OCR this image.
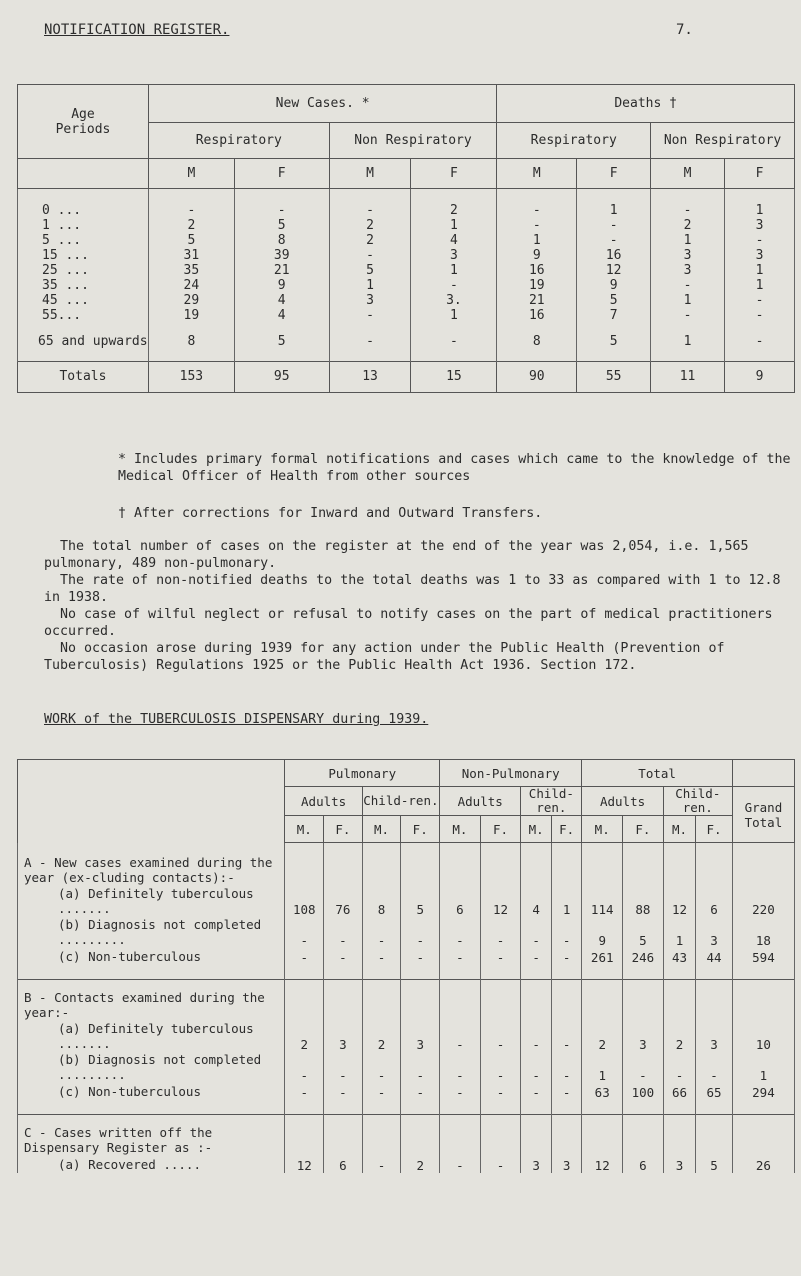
NOTIFICATION REGISTER.	7.
Age Periods	New Cases. *				Deaths †			
	Respiratory		Non Respiratory		Respiratory		Non Respiratory	
	M	F	M	F	M	F	M	F

0 ...	-	-	-	2	-	1	-	1
1 ...	2	5	2	1	-	-	2	3
5 ...	5	8	2	4	1	-	1	-
15 ...	31	39	-	3	9	16	3	3
25 ...	35	21	5	1	16	12	3	1
35 ...	24	9	1	-	19	9	-	1
45 ...	29	4	3	3.	21	5	1	-
55...	19	4	-	1	16	7	-	-
65 and upwards	8	5	-	-	8	5	1	-
Totals	153	95	13	15	90	55	11	9
* Includes primary formal notifications and cases which came to the knowledge of the Medical Officer of Health from other sources
† After corrections for Inward and Outward Transfers.
The total number of cases on the register at the end of the year was 2,054, i.e. 1,565 pulmonary, 489 non-pulmonary.
The rate of non-notified deaths to the total deaths was 1 to 33 as compared with 1 to 12.8 in 1938.
No case of wilful neglect or refusal to notify cases on the part of medical practitioners occurred.
No occasion arose during 1939 for any action under the Public Health (Prevention of Tuberculosis) Regulations 1925 or the Public Health Act 1936. Section 172.
WORK of the TUBERCULOSIS DISPENSARY during 1939.
	Pulmonary				Non-Pulmonary				Total				
	Adults		Child-ren.		Adults		Child-ren.		Adults		Child-ren.		Grand Total
	M.	F.	M.	F.	M.	F.	M.	F.	M.	F.	M.	F.	
A - New cases examined during the year (ex-cluding contacts):-													
(a) Definitely tuberculous .......	108	76	8	5	6	12	4	1	114	88	12	6	220
(b) Diagnosis not completed .........	-	-	-	-	-	-	-	-	9	5	1	3	18
(c) Non-tuberculous	-	-	-	-	-	-	-	-	261	246	43	44	594

B - Contacts examined during the year:-													
(a) Definitely tuberculous .......	2	3	2	3	-	-	-	-	2	3	2	3	10
(b) Diagnosis not completed .........	-	-	-	-	-	-	-	-	1	-	-	-	1
(c) Non-tuberculous	-	-	-	-	-	-	-	-	63	100	66	65	294

C - Cases written off the Dispensary Register as :-													
(a) Recovered .....	12	6	-	2	-	-	3	3	12	6	3	5	26
